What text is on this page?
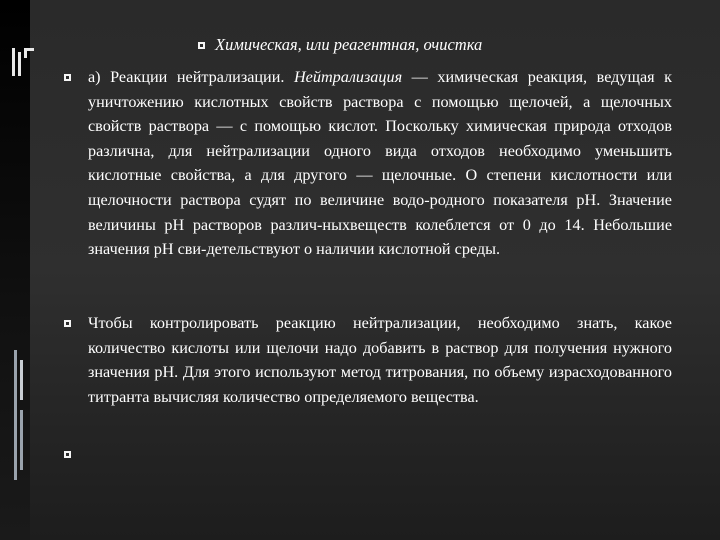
Химическая, или реагентная, очистка
а) Реакции нейтрализации. Нейтрализация — химическая реакция, ведущая к уничтожению кислотных свойств раствора с помощью щелочей, а щелочных свойств раствора — с помощью кислот. Поскольку химическая природа отходов различна, для нейтрализации одного вида отходов необходимо уменьшить кислотные свойства, а для другого — щелочные. О степени кислотности или щелочности раствора судят по величине водо-родного показателя pH. Значение величины pH растворов различ-ныхвеществ колеблется от 0 до 14. Небольшие значения pH сви-детельствуют о наличии кислотной среды.
Чтобы контролировать реакцию нейтрализации, необходимо знать, какое количество кислоты или щелочи надо добавить в раствор для получения нужного значения pH. Для этого используют метод титрования, по объему израсходованного титранта вычисляя количество определяемого вещества.
